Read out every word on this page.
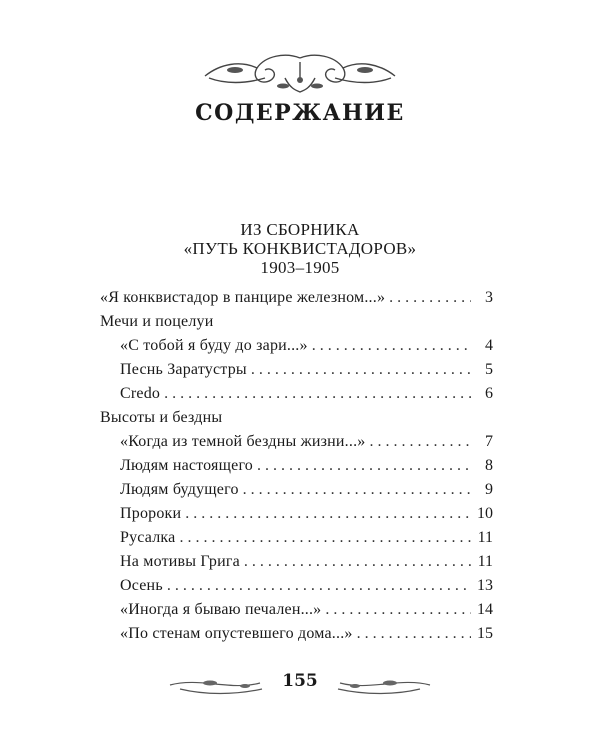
СОДЕРЖАНИЕ
ИЗ СБОРНИКА
«ПУТЬ КОНКВИСТАДОРОВ»
1903–1905
«Я конквистадор в панцире железном...» . . .	3
Мечи и поцелуи
«С тобой я буду до зари...» . . .	4
Песнь Заратустры . . .	5
Credo . . .	6
Высоты и бездны
«Когда из темной бездны жизни...» . . .	7
Людям настоящего . . .	8
Людям будущего . . .	9
Пророки . . .	10
Русалка . . .	11
На мотивы Грига . . .	11
Осень . . .	13
«Иногда я бываю печален...» . . .	14
«По стенам опустевшего дома...» . . .	15
155
